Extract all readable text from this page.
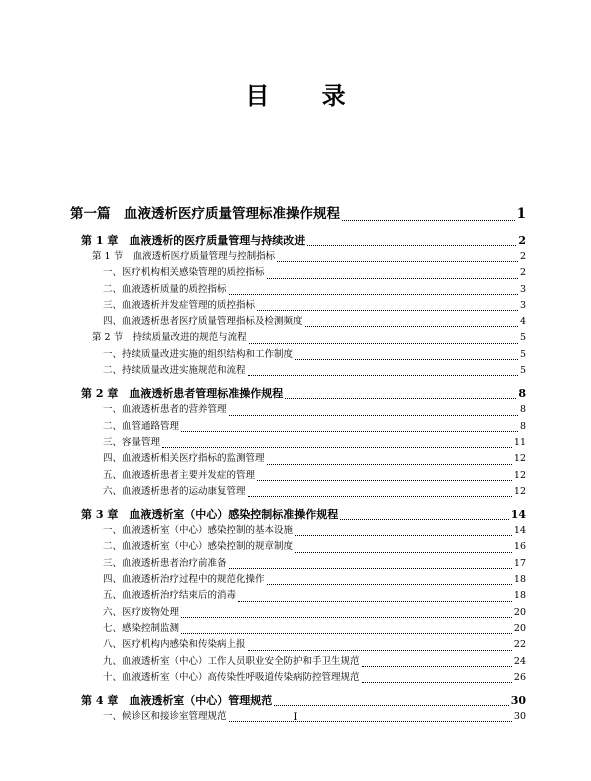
目 录
第一篇　血液透析医疗质量管理标准操作规程	1
第 1 章　血液透析的医疗质量管理与持续改进	2
第 1 节　血液透析医疗质量管理与控制指标	2
一、医疗机构相关感染管理的质控指标	2
二、血液透析质量的质控指标	3
三、血液透析并发症管理的质控指标	3
四、血液透析患者医疗质量管理指标及检测频度	4
第 2 节　持续质量改进的规范与流程	5
一、持续质量改进实施的组织结构和工作制度	5
二、持续质量改进实施规范和流程	5
第 2 章　血液透析患者管理标准操作规程	8
一、血液透析患者的营养管理	8
二、血管通路管理	8
三、容量管理	11
四、血液透析相关医疗指标的监测管理	12
五、血液透析患者主要并发症的管理	12
六、血液透析患者的运动康复管理	12
第 3 章　血液透析室（中心）感染控制标准操作规程	14
一、血液透析室（中心）感染控制的基本设施	14
二、血液透析室（中心）感染控制的规章制度	16
三、血液透析患者治疗前准备	17
四、血液透析治疗过程中的规范化操作	18
五、血液透析治疗结束后的消毒	18
六、医疗废物处理	20
七、感染控制监测	20
八、医疗机构内感染和传染病上报	22
九、血液透析室（中心）工作人员职业安全防护和手卫生规范	24
十、血液透析室（中心）高传染性呼吸道传染病防控管理规范	26
第 4 章　血液透析室（中心）管理规范	30
一、候诊区和接诊室管理规范	30
I
